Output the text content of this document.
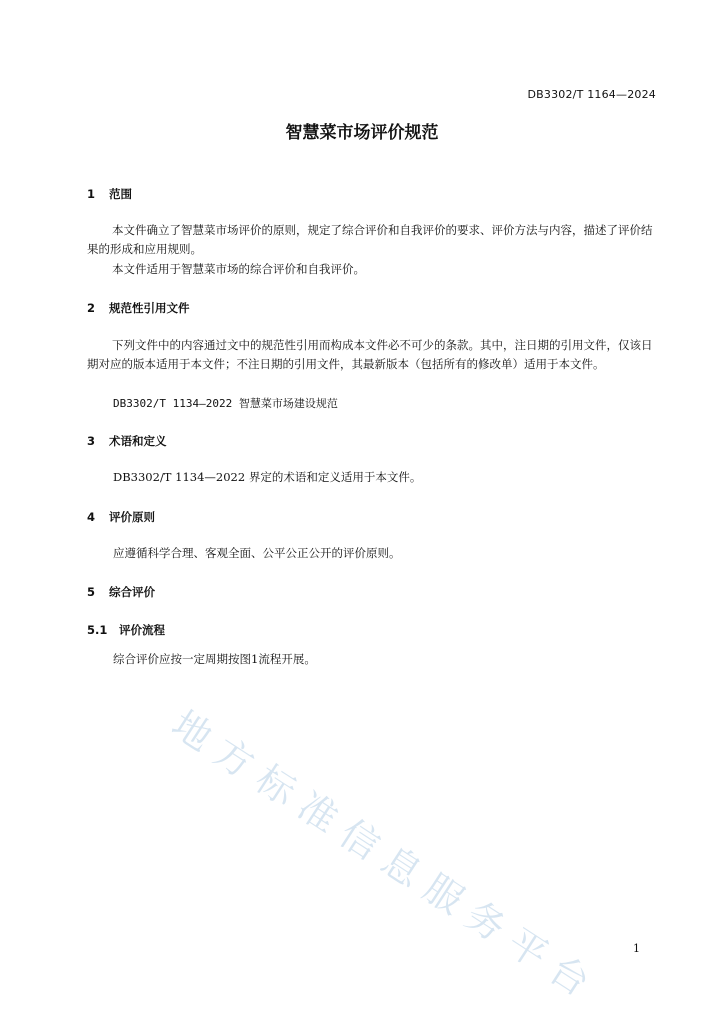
DB3302/T 1164—2024
智慧菜市场评价规范
1 范围
本文件确立了智慧菜市场评价的原则，规定了综合评价和自我评价的要求、评价方法与内容，描述了评价结果的形成和应用规则。
本文件适用于智慧菜市场的综合评价和自我评价。
2 规范性引用文件
下列文件中的内容通过文中的规范性引用而构成本文件必不可少的条款。其中，注日期的引用文件，仅该日期对应的版本适用于本文件；不注日期的引用文件，其最新版本（包括所有的修改单）适用于本文件。
DB3302/T 1134—2022 智慧菜市场建设规范
3 术语和定义
DB3302/T 1134—2022 界定的术语和定义适用于本文件。
4 评价原则
应遵循科学合理、客观全面、公平公正公开的评价原则。
5 综合评价
5.1 评价流程
综合评价应按一定周期按图1流程开展。
地方标准信息服务平台	1
